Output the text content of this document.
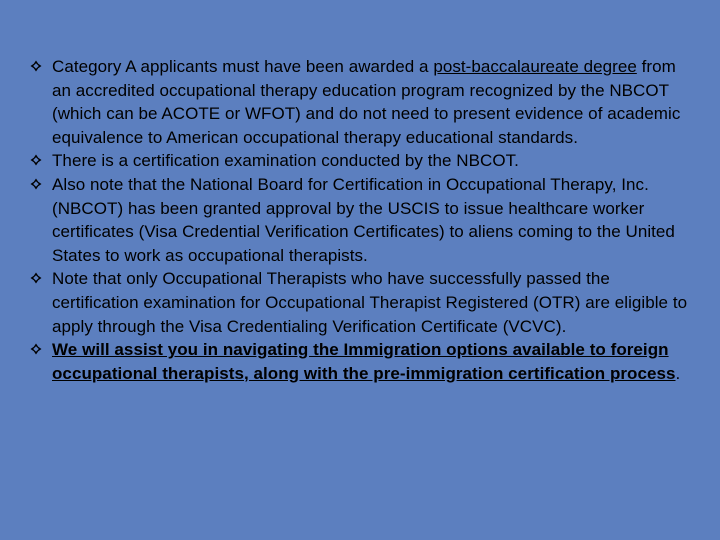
Category A applicants must have been awarded a post-baccalaureate degree from an accredited occupational therapy education program recognized by the NBCOT (which can be ACOTE or WFOT) and do not need to present evidence of academic equivalence to American occupational therapy educational standards.
There is a certification examination conducted by the NBCOT.
Also note that the National Board for Certification in Occupational Therapy, Inc. (NBCOT) has been granted approval by the USCIS to issue healthcare worker certificates (Visa Credential Verification Certificates) to aliens coming to the United States to work as occupational therapists.
Note that only Occupational Therapists who have successfully passed the certification examination for Occupational Therapist Registered (OTR) are eligible to apply through the Visa Credentialing Verification Certificate (VCVC).
We will assist you in navigating the Immigration options available to foreign occupational therapists, along with the pre-immigration certification process.
